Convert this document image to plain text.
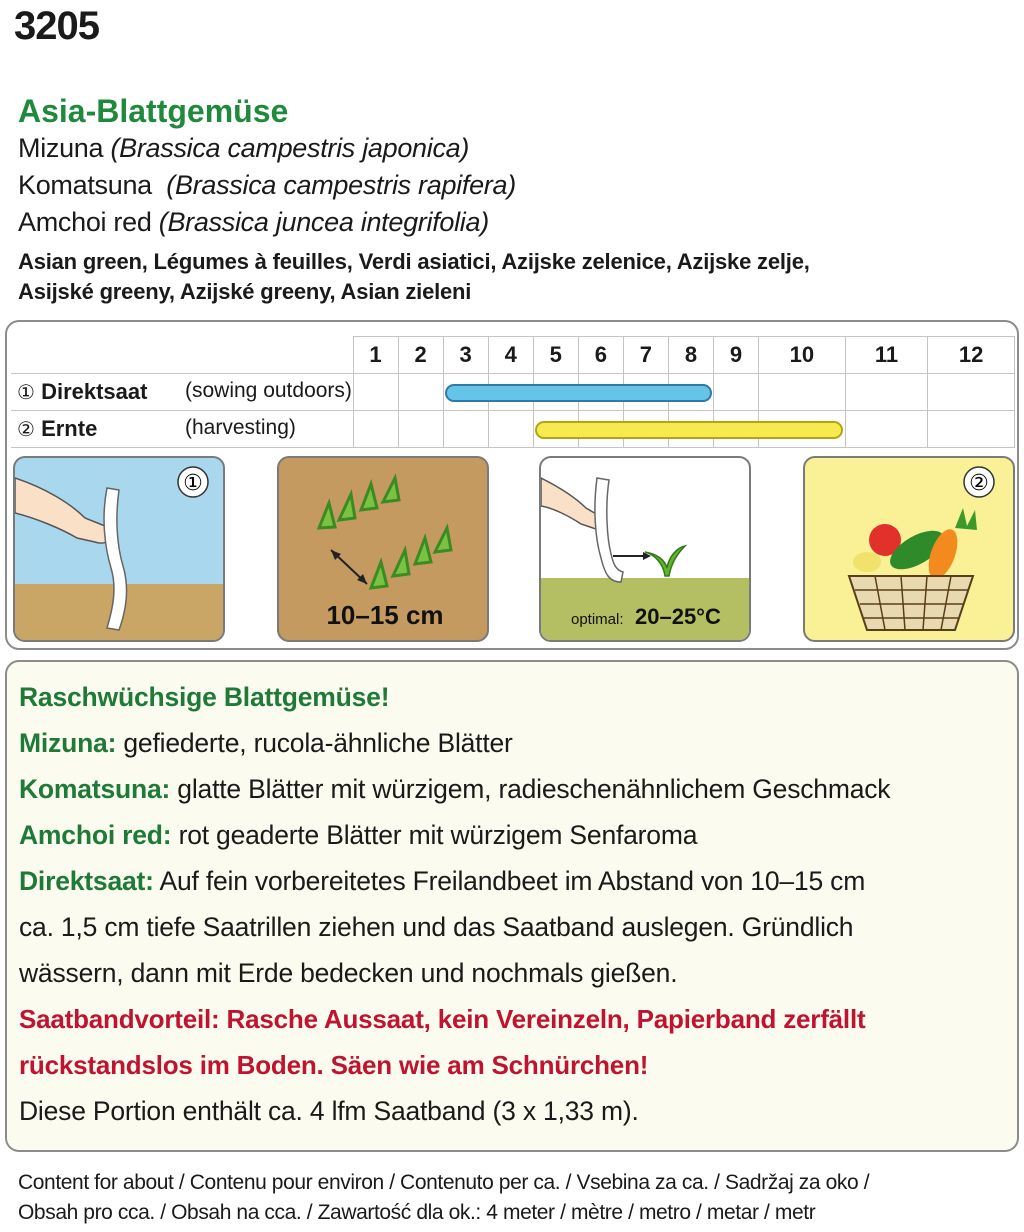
3205
Asia-Blattgemüse
Mizuna (Brassica campestris japonica)
Komatsuna (Brassica campestris rapifera)
Amchoi red (Brassica juncea integrifolia)
Asian green, Légumes à feuilles, Verdi asiatici, Azijske zelenice, Azijske zelje,
Asijské greeny, Azijské greeny, Asian zieleni
	1	2	3	4	5	6	7	8	9	10	11	12

① Direktsaat (sowing outdoors)												

② Ernte (harvesting)												

①
10–15 cm	optimal: 20–25°C
②

Raschwüchsige Blattgemüse!

Mizuna: gefiederte, rucola-ähnliche Blätter

Komatsuna: glatte Blätter mit würzigem, radieschenähnlichem Geschmack

Amchoi red: rot geaderte Blätter mit würzigem Senfaroma

Direktsaat: Auf fein vorbereitetes Freilandbeet im Abstand von 10–15 cm

ca. 1,5 cm tiefe Saatrillen ziehen und das Saatband auslegen. Gründlich

wässern, dann mit Erde bedecken und nochmals gießen.

Saatbandvorteil: Rasche Aussaat, kein Vereinzeln, Papierband zerfällt

rückstandslos im Boden. Säen wie am Schnürchen!

Diese Portion enthält ca. 4 lfm Saatband (3 x 1,33 m).

Content for about / Contenu pour environ / Contenuto per ca. / Vsebina za ca. / Sadržaj za oko /
Obsah pro cca. / Obsah na cca. / Zawartość dla ok.: 4 meter / mètre / metro / metar / metr
